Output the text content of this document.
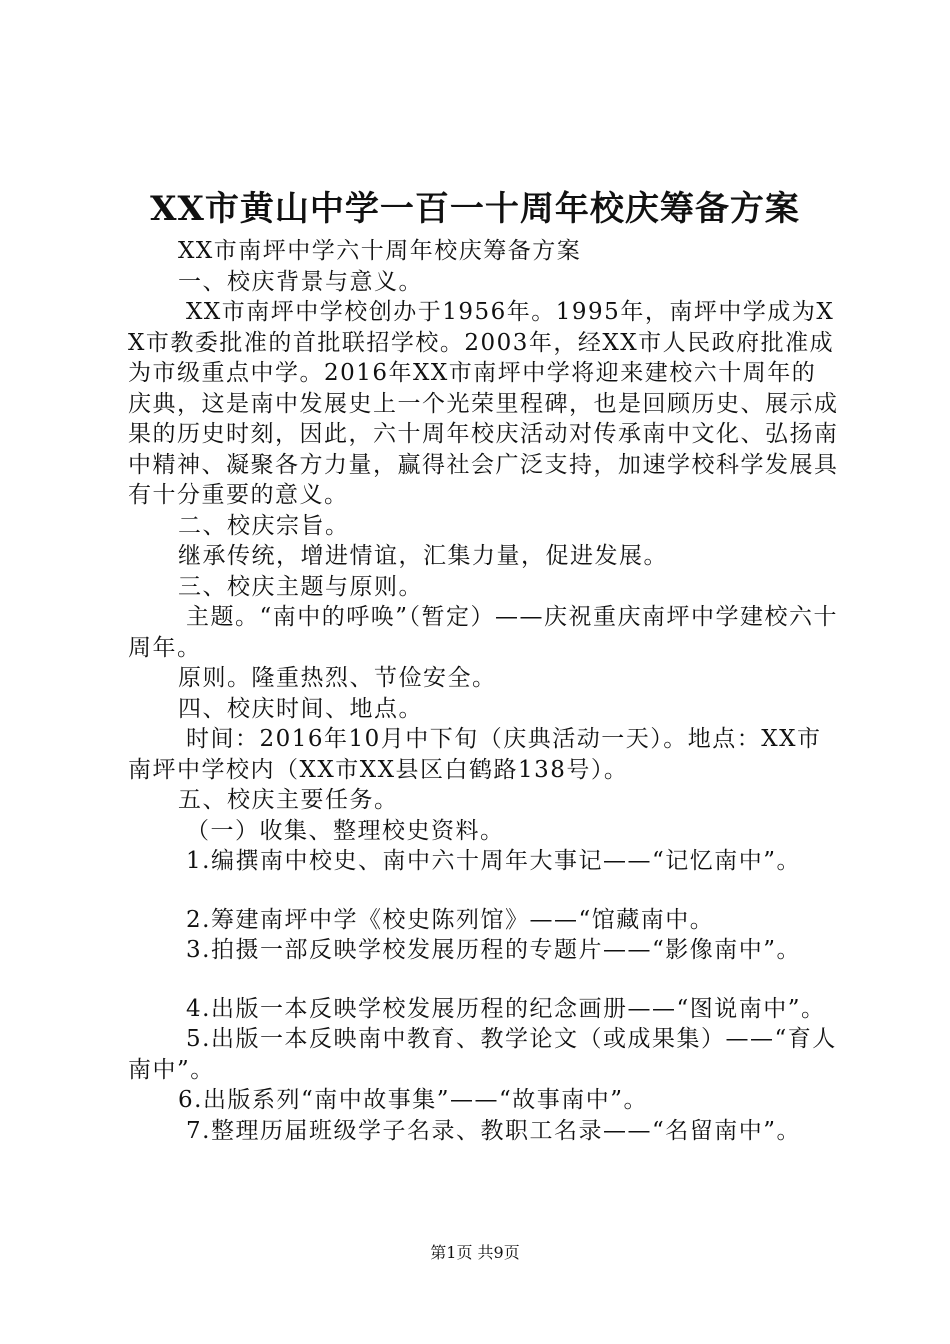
XX市黄山中学一百一十周年校庆筹备方案

XX市南坪中学六十周年校庆筹备方案

一、校庆背景与意义。

XX市南坪中学校创办于1956年。1995年，南坪中学成为XX市教委批准的首批联招学校。2003年，经XX市人民政府批准成为市级重点中学。2016年XX市南坪中学将迎来建校六十周年的庆典，这是南中发展史上一个光荣里程碑，也是回顾历史、展示成果的历史时刻，因此，六十周年校庆活动对传承南中文化、弘扬南中精神、凝聚各方力量，赢得社会广泛支持，加速学校科学发展具有十分重要的意义。

二、校庆宗旨。

继承传统，增进情谊，汇集力量，促进发展。

三、校庆主题与原则。

主题。“南中的呼唤”（暂定）——庆祝重庆南坪中学建校六十周年。

原则。隆重热烈、节俭安全。

四、校庆时间、地点。

时间：2016年10月中下旬（庆典活动一天）。地点：XX市南坪中学校内（XX市XX县区白鹤路138号）。

五、校庆主要任务。

（一）收集、整理校史资料。

1.编撰南中校史、南中六十周年大事记——“记忆南中”。

2.筹建南坪中学《校史陈列馆》——“馆藏南中。

3.拍摄一部反映学校发展历程的专题片——“影像南中”。

4.出版一本反映学校发展历程的纪念画册——“图说南中”。

5.出版一本反映南中教育、教学论文（或成果集）——“育人南中”。

6.出版系列“南中故事集”——“故事南中”。

7.整理历届班级学子名录、教职工名录——“名留南中”。

第1页 共9页
